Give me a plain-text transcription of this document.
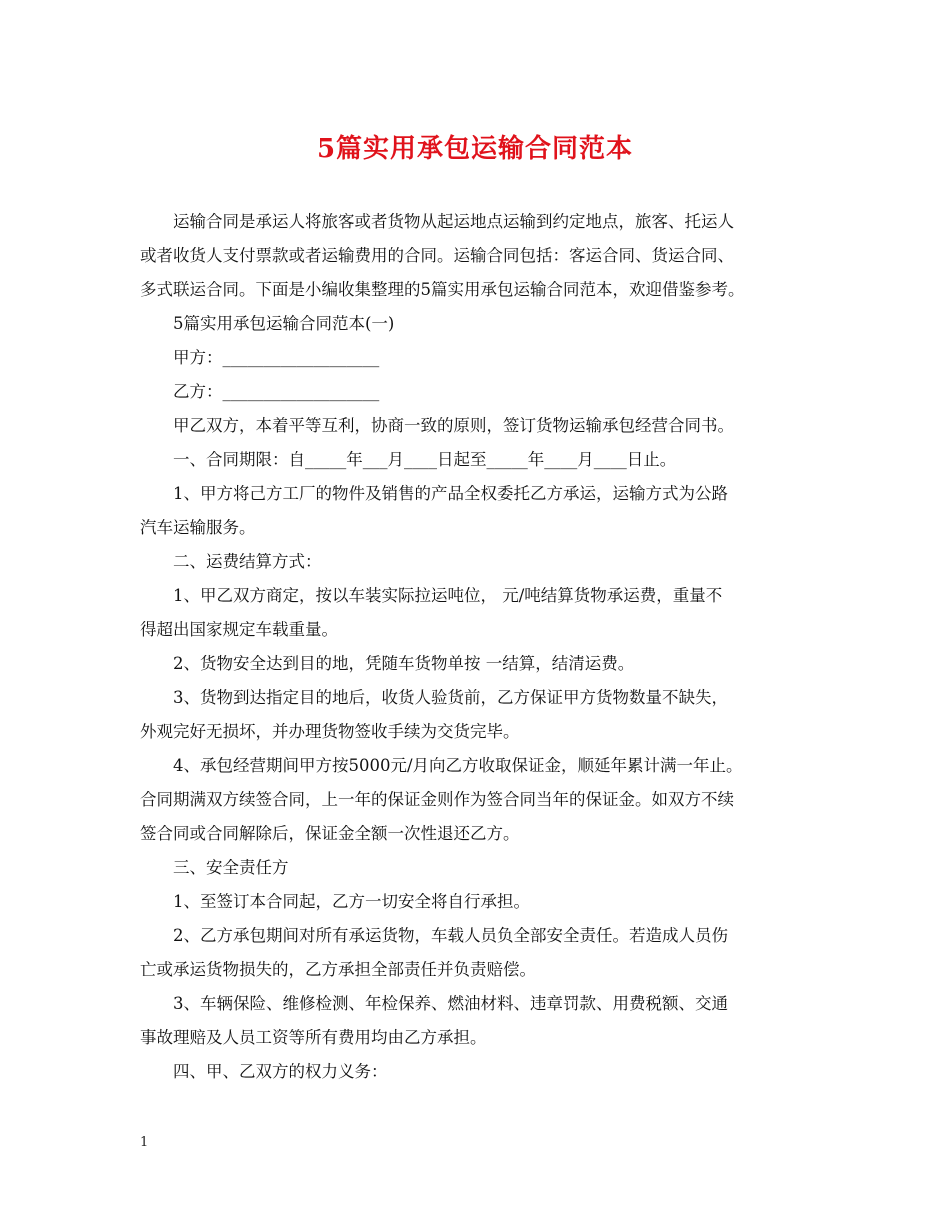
5篇实用承包运输合同范本
运输合同是承运人将旅客或者货物从起运地点运输到约定地点，旅客、托运人
或者收货人支付票款或者运输费用的合同。运输合同包括：客运合同、货运合同、
多式联运合同。下面是小编收集整理的5篇实用承包运输合同范本，欢迎借鉴参考。

5篇实用承包运输合同范本(一)

甲方：___________________

乙方：___________________

甲乙双方，本着平等互利，协商一致的原则，签订货物运输承包经营合同书。

一、合同期限：自_____年___月____日起至_____年____月____日止。

1、甲方将己方工厂的物件及销售的产品全权委托乙方承运，运输方式为公路
汽车运输服务。

二、运费结算方式：

1、甲乙双方商定，按以车装实际拉运吨位， 元/吨结算货物承运费，重量不
得超出国家规定车载重量。

2、货物安全达到目的地，凭随车货物单按 一结算，结清运费。

3、货物到达指定目的地后，收货人验货前，乙方保证甲方货物数量不缺失，
外观完好无损坏，并办理货物签收手续为交货完毕。
4、承包经营期间甲方按5000元/月向乙方收取保证金，顺延年累计满一年止。
合同期满双方续签合同，上一年的保证金则作为签合同当年的保证金。如双方不续
签合同或合同解除后，保证金全额一次性退还乙方。

三、安全责任方

1、至签订本合同起，乙方一切安全将自行承担。

2、乙方承包期间对所有承运货物，车载人员负全部安全责任。若造成人员伤
亡或承运货物损失的，乙方承担全部责任并负责赔偿。
3、车辆保险、维修检测、年检保养、燃油材料、违章罚款、用费税额、交通
事故理赔及人员工资等所有费用均由乙方承担。

四、甲、乙双方的权力义务：

1
